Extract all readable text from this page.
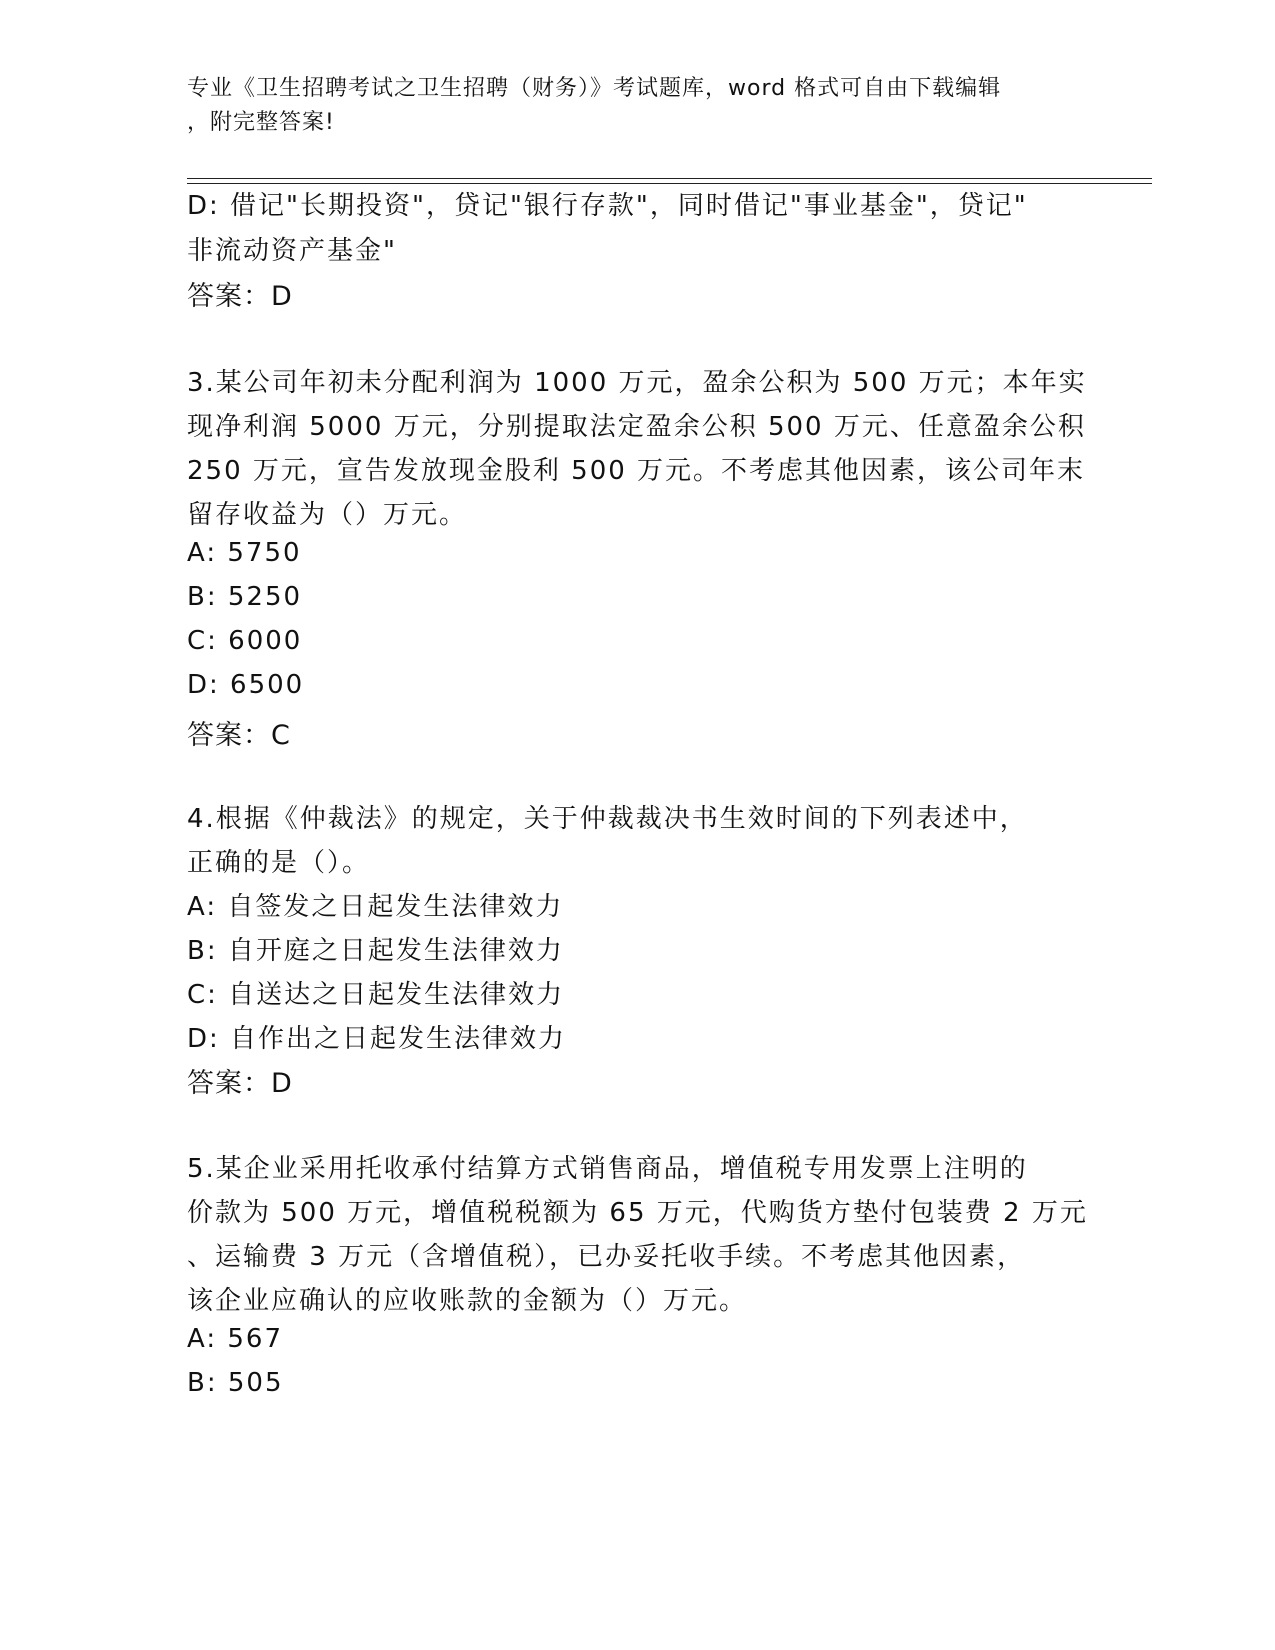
专业《卫生招聘考试之卫生招聘（财务）》考试题库，word 格式可自由下载编辑
，附完整答案!
D: 借记"长期投资"，贷记"银行存款"，同时借记"事业基金"，贷记"
非流动资产基金"
答案：D
3.某公司年初未分配利润为 1000 万元，盈余公积为 500 万元；本年实
现净利润 5000 万元，分别提取法定盈余公积 500 万元、任意盈余公积
250 万元，宣告发放现金股利 500 万元。不考虑其他因素，该公司年末
留存收益为（）万元。
A: 5750
B: 5250
C: 6000
D: 6500
答案：C
4.根据《仲裁法》的规定，关于仲裁裁决书生效时间的下列表述中，
正确的是（）。
A: 自签发之日起发生法律效力
B: 自开庭之日起发生法律效力
C: 自送达之日起发生法律效力
D: 自作出之日起发生法律效力
答案：D
5.某企业采用托收承付结算方式销售商品，增值税专用发票上注明的
价款为 500 万元，增值税税额为 65 万元，代购货方垫付包装费 2 万元
、运输费 3 万元（含增值税），已办妥托收手续。不考虑其他因素，
该企业应确认的应收账款的金额为（）万元。
A: 567
B: 505
